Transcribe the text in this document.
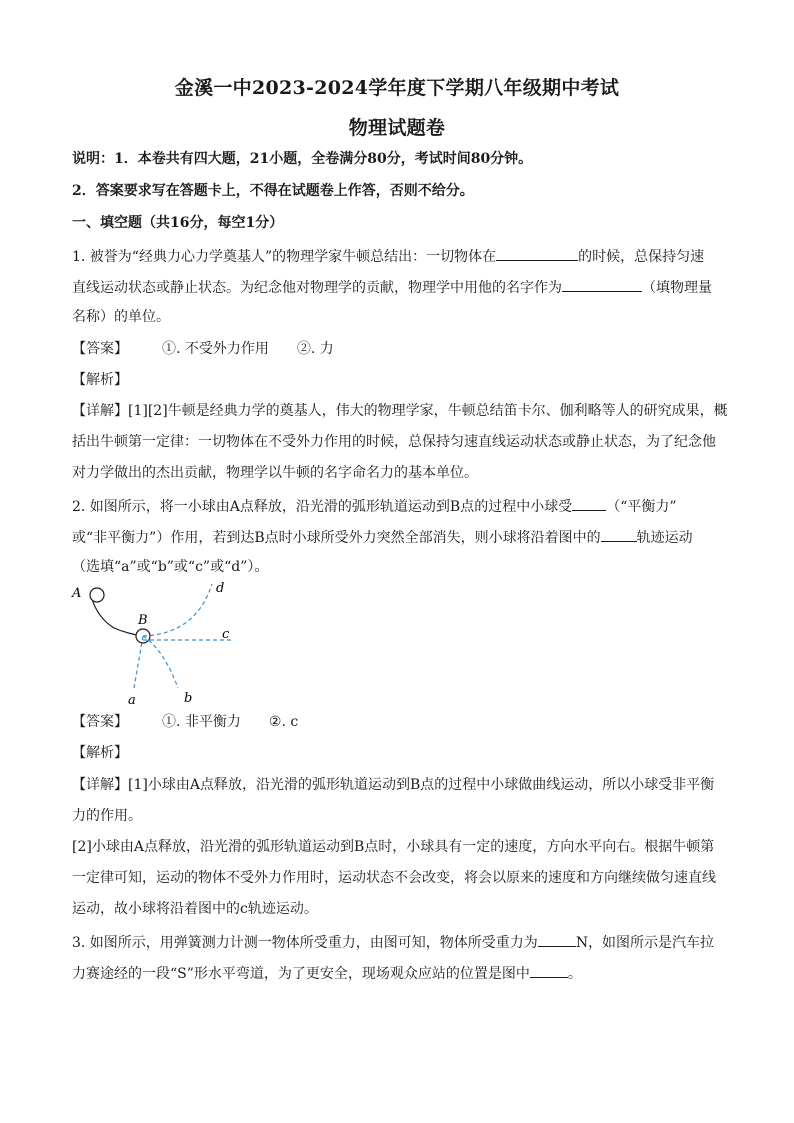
金溪一中2023-2024学年度下学期八年级期中考试
物理试题卷
说明：1．本卷共有四大题，21小题，全卷满分80分，考试时间80分钟。
2．答案要求写在答题卡上，不得在试题卷上作答，否则不给分。
一、填空题（共16分，每空1分）
1. 被誉为“经典力心力学奠基人”的物理学家牛顿总结出：一切物体在	的时候，总保持匀速
直线运动状态或静止状态。为纪念他对物理学的贡献，物理学中用他的名字作为	（填物理量
名称）的单位。
【答案】 ①. 不受外力作用 ②. 力
【解析】
【详解】[1][2]牛顿是经典力学的奠基人，伟大的物理学家，牛顿总结笛卡尔、伽利略等人的研究成果，概
括出牛顿第一定律：一切物体在不受外力作用的时候，总保持匀速直线运动状态或静止状态，为了纪念他
对力学做出的杰出贡献，物理学以牛顿的名字命名力的基本单位。
2. 如图所示，将一小球由A点释放，沿光滑的弧形轨道运动到B点的过程中小球受 （“平衡力”
或“非平衡力”）作用，若到达B点时小球所受外力突然全部消失，则小球将沿着图中的	轨迹运动
（选填“a”或“b”或“c”或“d”）。
A
B
a	b
c
d
【答案】 ①. 非平衡力 ②. c
【解析】
【详解】[1]小球由A点释放，沿光滑的弧形轨道运动到B点的过程中小球做曲线运动，所以小球受非平衡
力的作用。
[2]小球由A点释放，沿光滑的弧形轨道运动到B点时，小球具有一定的速度，方向水平向右。根据牛顿第
一定律可知，运动的物体不受外力作用时，运动状态不会改变，将会以原来的速度和方向继续做匀速直线
运动，故小球将沿着图中的c轨迹运动。
3. 如图所示，用弹簧测力计测一物体所受重力，由图可知，物体所受重力为	N，如图所示是汽车拉
力赛途经的一段“S”形水平弯道，为了更安全，现场观众应站的位置是图中	。
